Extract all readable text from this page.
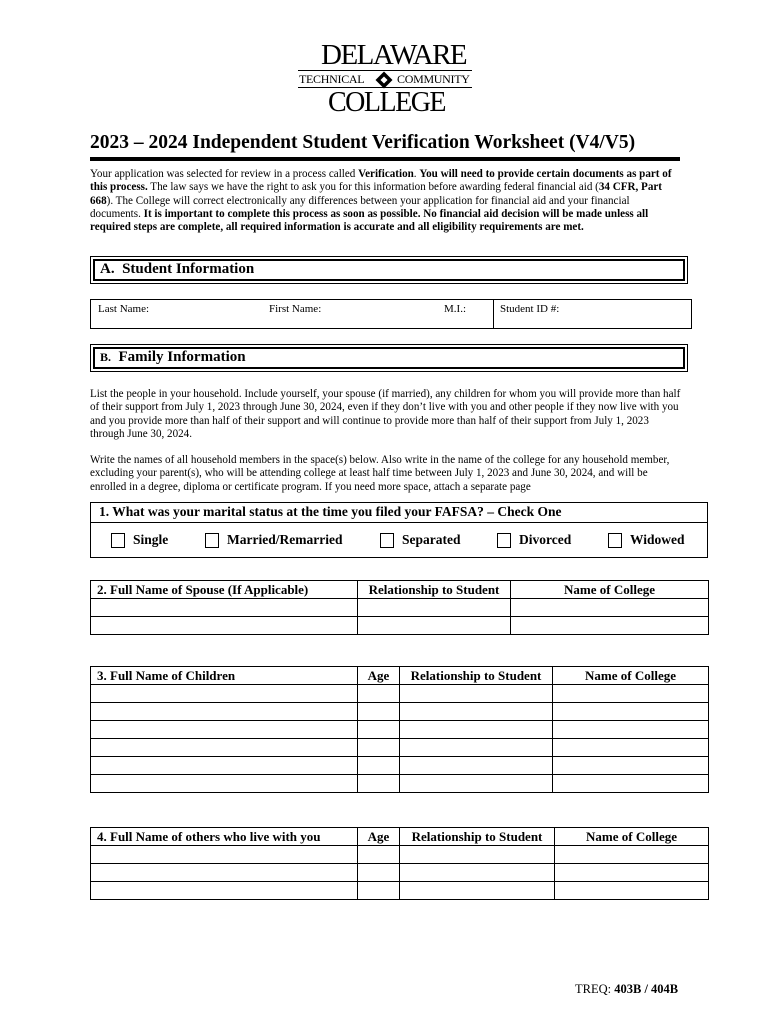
DELAWARE
TECHNICAL	COMMUNITY
COLLEGE
2023 – 2024 Independent Student Verification Worksheet (V4/V5)

Your application was selected for review in a process called Verification. You will need to provide certain documents as part of this process. The law says we have the right to ask you for this information before awarding federal financial aid (34 CFR, Part 668). The College will correct electronically any differences between your application for financial aid and your financial documents. It is important to complete this process as soon as possible. No financial aid decision will be made unless all required steps are complete, all required information is accurate and all eligibility requirements are met.

A. Student Information
Last Name:	First Name:	M.I.:	Student ID #:
B. Family Information

List the people in your household. Include yourself, your spouse (if married), any children for whom you will provide more than half of their support from July 1, 2023 through June 30, 2024, even if they don’t live with you and other people if they now live with you and you provide more than half of their support and will continue to provide more than half of their support from July 1, 2023 through June 30, 2024.

Write the names of all household members in the space(s) below. Also write in the name of the college for any household member, excluding your parent(s), who will be attending college at least half time between July 1, 2023 and June 30, 2024, and will be enrolled in a degree, diploma or certificate program. If you need more space, attach a separate page

1. What was your marital status at the time you filed your FAFSA? – Check One
Single	Married/Remarried	Separated	Divorced	Widowed
2. Full Name of Spouse (If Applicable)	Relationship to Student	Name of College

3. Full Name of Children	Age	Relationship to Student	Name of College

4. Full Name of others who live with you	Age	Relationship to Student	Name of College

TREQ: 403B / 404B
